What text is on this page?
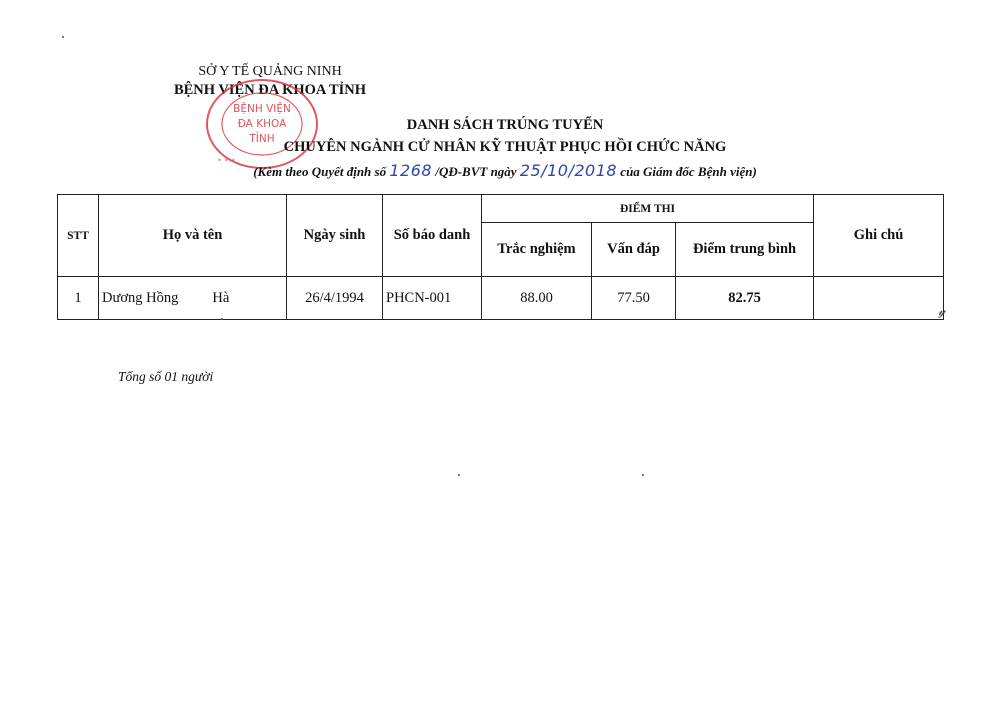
SỞ Y TẾ QUẢNG NINH
BỆNH VIỆN ĐA KHOA TỈNH
BỆNH VIỆN
ĐA KHOA
TỈNH
✶ ✶ ✶
DANH SÁCH TRÚNG TUYỂN
CHUYÊN NGÀNH CỬ NHÂN KỸ THUẬT PHỤC HỒI CHỨC NĂNG
(Kèm theo Quyết định số 1268 /QĐ-BVT ngày 25/10/2018 của Giám đốc Bệnh viện)
STT	Họ và tên	Ngày sinh	Số báo danh	ĐIỂM THI			Ghi chú
				Trắc nghiệm	Vấn đáp	Điểm trung bình	
1	Dương Hồng Hà	26/4/1994	PHCN-001	88.00	77.50	82.75	
𝓎
Tổng số 01 người
